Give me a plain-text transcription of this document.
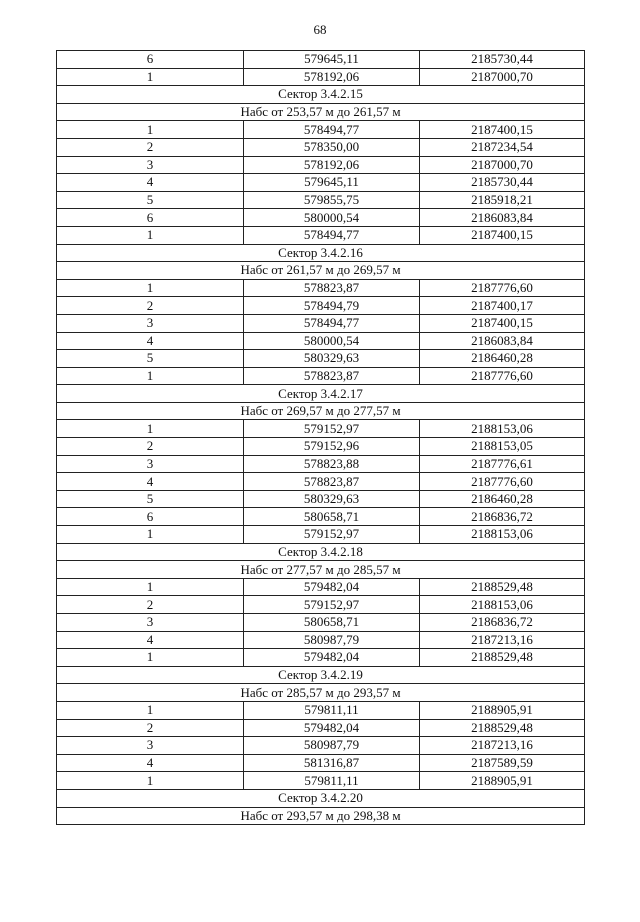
68
6	579645,11	2185730,44
1	578192,06	2187000,70
Сектор 3.4.2.15		
Набс от 253,57 м до 261,57 м		
1	578494,77	2187400,15
2	578350,00	2187234,54
3	578192,06	2187000,70
4	579645,11	2185730,44
5	579855,75	2185918,21
6	580000,54	2186083,84
1	578494,77	2187400,15
Сектор 3.4.2.16		
Набс от 261,57 м до 269,57 м		
1	578823,87	2187776,60
2	578494,79	2187400,17
3	578494,77	2187400,15
4	580000,54	2186083,84
5	580329,63	2186460,28
1	578823,87	2187776,60
Сектор 3.4.2.17		
Набс от 269,57 м до 277,57 м		
1	579152,97	2188153,06
2	579152,96	2188153,05
3	578823,88	2187776,61
4	578823,87	2187776,60
5	580329,63	2186460,28
6	580658,71	2186836,72
1	579152,97	2188153,06
Сектор 3.4.2.18		
Набс от 277,57 м до 285,57 м		
1	579482,04	2188529,48
2	579152,97	2188153,06
3	580658,71	2186836,72
4	580987,79	2187213,16
1	579482,04	2188529,48
Сектор 3.4.2.19		
Набс от 285,57 м до 293,57 м		
1	579811,11	2188905,91
2	579482,04	2188529,48
3	580987,79	2187213,16
4	581316,87	2187589,59
1	579811,11	2188905,91
Сектор 3.4.2.20		
Набс от 293,57 м до 298,38 м		
